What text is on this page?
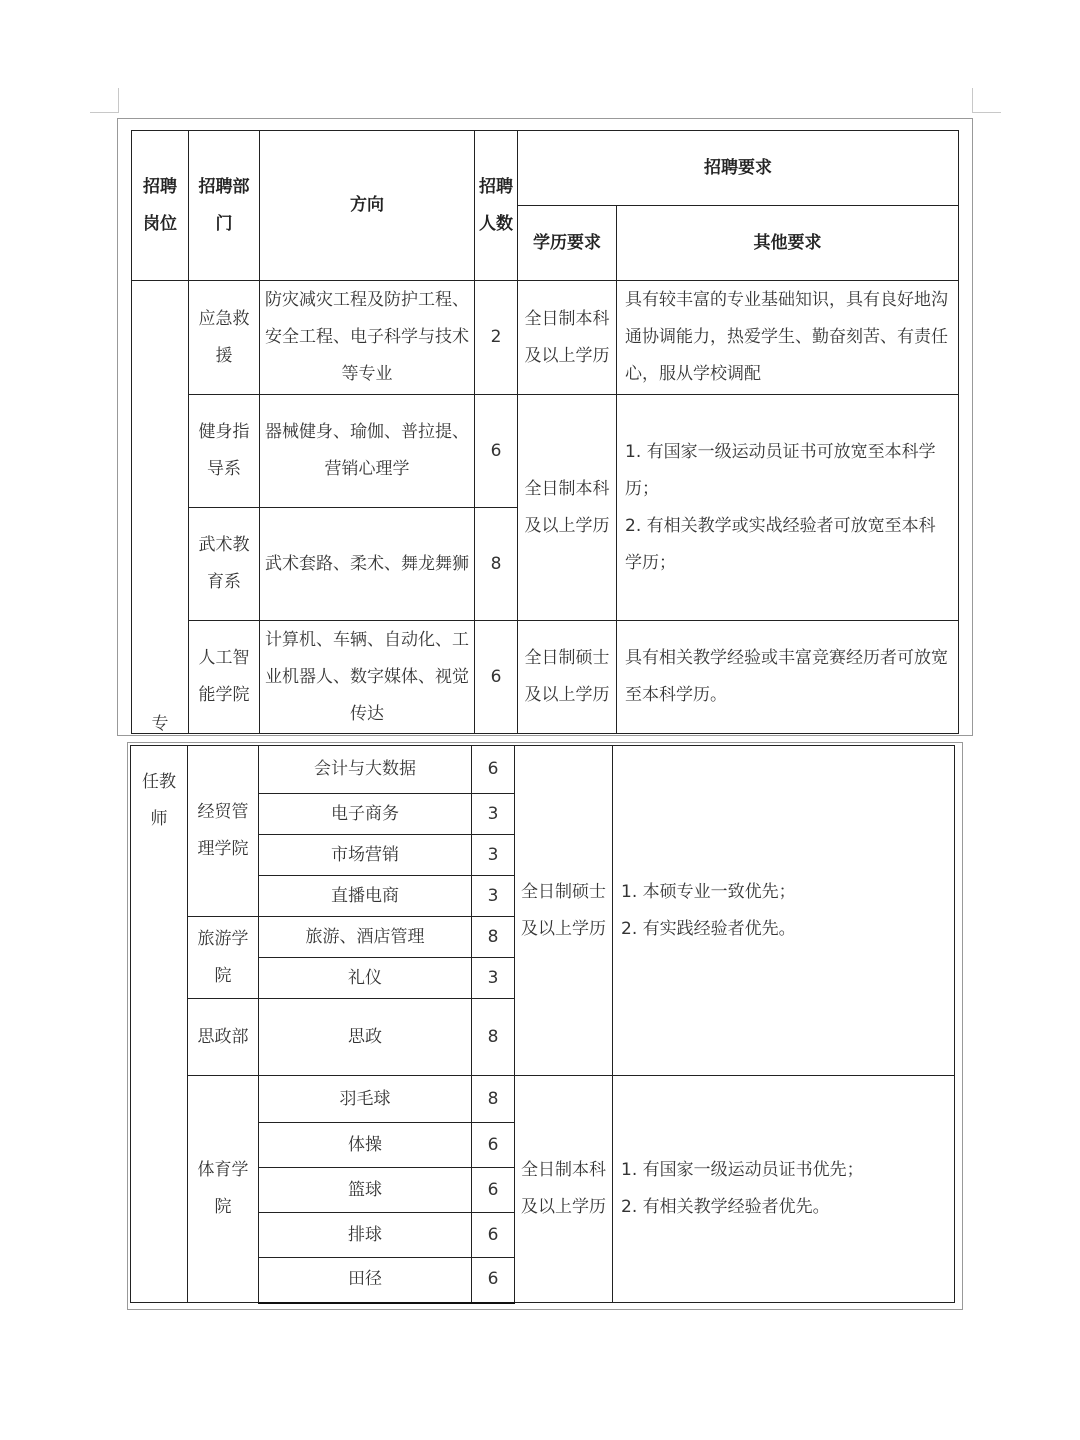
招聘岗位	招聘部门	方向	招聘人数	招聘要求	
				学历要求	其他要求
专	应急救援	防灾减灾工程及防护工程、安全工程、电子科学与技术等专业	2	全日制本科及以上学历	具有较丰富的专业基础知识，具有良好地沟通协调能力，热爱学生、勤奋刻苦、有责任心，服从学校调配
	健身指导系	器械健身、瑜伽、普拉提、营销心理学	6	全日制本科及以上学历	1. 有国家一级运动员证书可放宽至本科学历；
2. 有相关教学或实战经验者可放宽至本科学历；

	武术教育系	武术套路、柔术、舞龙舞狮	8		
	人工智能学院	计算机、车辆、自动化、工业机器人、数字媒体、视觉传达	6	全日制硕士及以上学历	具有相关教学经验或丰富竞赛经历者可放宽至本科学历。
任教师	经贸管理学院	会计与大数据	6	全日制硕士及以上学历	1. 本硕专业一致优先；
2. 有实践经验者优先。

		电子商务	3		
		市场营销	3		
		直播电商	3		
	旅游学院	旅游、酒店管理	8		
		礼仪	3		
	思政部	思政	8		
	体育学院	羽毛球	8	全日制本科及以上学历	1. 有国家一级运动员证书优先；
2. 有相关教学经验者优先。

		体操	6		
		篮球	6		
		排球	6		
		田径	6		
